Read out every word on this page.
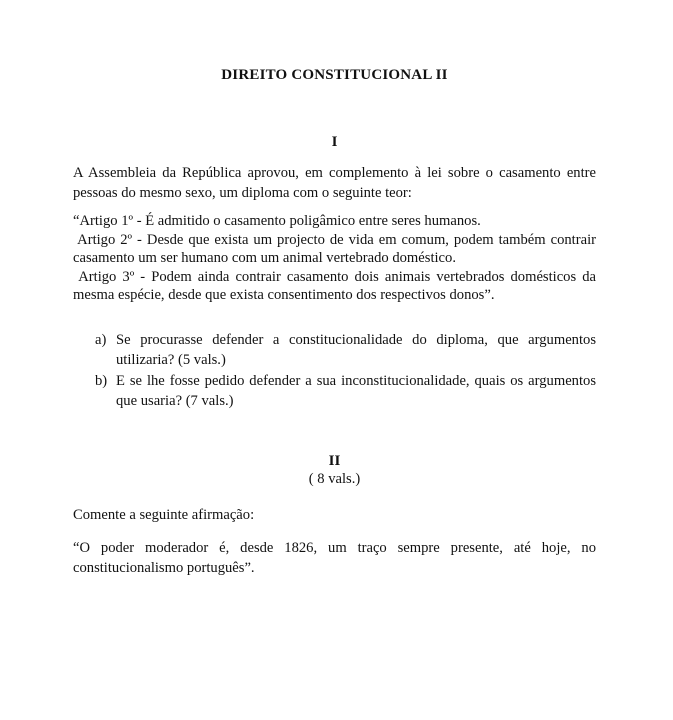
DIREITO CONSTITUCIONAL II
I
A Assembleia da República aprovou, em complemento à lei sobre o casamento entre
pessoas do mesmo sexo, um diploma com o seguinte teor:
“Artigo 1º - É admitido o casamento poligâmico entre seres humanos.
Artigo 2º - Desde que exista um projecto de vida em comum, podem também contrair
casamento um ser humano com um animal vertebrado doméstico.
Artigo 3º - Podem ainda contrair casamento dois animais vertebrados domésticos da
mesma espécie, desde que exista consentimento dos respectivos donos”.
a) Se procurasse defender a constitucionalidade do diploma, que argumentos
utilizaria? (5 vals.)
b) E se lhe fosse pedido defender a sua inconstitucionalidade, quais os argumentos
que usaria? (7 vals.)
II
( 8 vals.)
Comente a seguinte afirmação:
“O poder moderador é, desde 1826, um traço sempre presente, até hoje, no
constitucionalismo português”.
